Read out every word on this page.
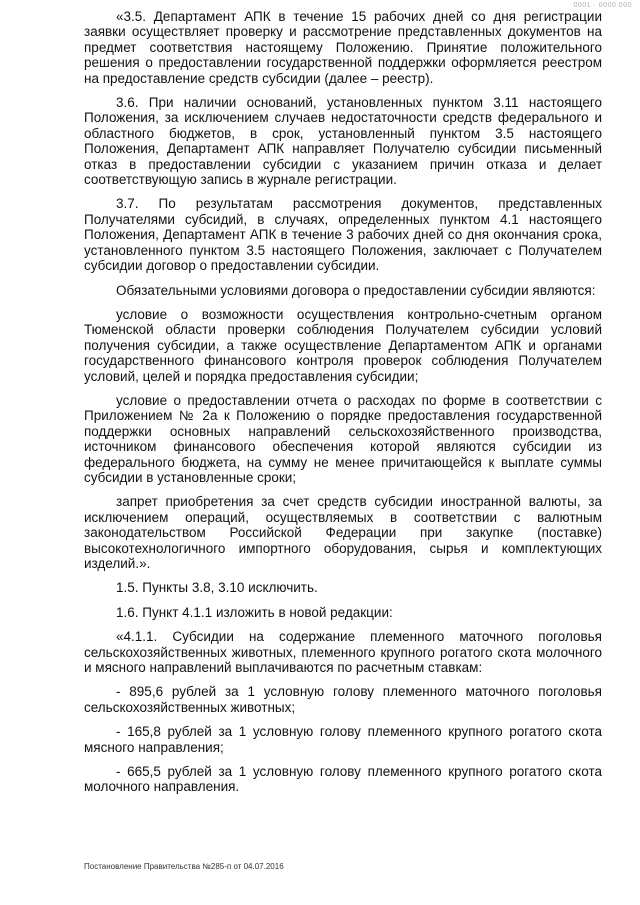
0001 · 0000 000

«3.5. Департамент АПК в течение 15 рабочих дней со дня регистрации заявки осуществляет проверку и рассмотрение представленных документов на предмет соответствия настоящему Положению. Принятие положительного решения о предоставлении государственной поддержки оформляется реестром на предоставление средств субсидии (далее – реестр).

3.6. При наличии оснований, установленных пунктом 3.11 настоящего Положения, за исключением случаев недостаточности средств федерального и областного бюджетов, в срок, установленный пунктом 3.5 настоящего Положения, Департамент АПК направляет Получателю субсидии письменный отказ в предоставлении субсидии с указанием причин отказа и делает соответствующую запись в журнале регистрации.

3.7. По результатам рассмотрения документов, представленных Получателями субсидий, в случаях, определенных пунктом 4.1 настоящего Положения, Департамент АПК в течение 3 рабочих дней со дня окончания срока, установленного пунктом 3.5 настоящего Положения, заключает с Получателем субсидии договор о предоставлении субсидии.

Обязательными условиями договора о предоставлении субсидии являются:

условие о возможности осуществления контрольно-счетным органом Тюменской области проверки соблюдения Получателем субсидии условий получения субсидии, а также осуществление Департаментом АПК и органами государственного финансового контроля проверок соблюдения Получателем условий, целей и порядка предоставления субсидии;

условие о предоставлении отчета о расходах по форме в соответствии с Приложением № 2а к Положению о порядке предоставления государственной поддержки основных направлений сельскохозяйственного производства, источником финансового обеспечения которой являются субсидии из федерального бюджета, на сумму не менее причитающейся к выплате суммы субсидии в установленные сроки;

запрет приобретения за счет средств субсидии иностранной валюты, за исключением операций, осуществляемых в соответствии с валютным законодательством Российской Федерации при закупке (поставке) высокотехнологичного импортного оборудования, сырья и комплектующих изделий.».

1.5. Пункты 3.8, 3.10 исключить.

1.6. Пункт 4.1.1 изложить в новой редакции:

«4.1.1. Субсидии на содержание племенного маточного поголовья сельскохозяйственных животных, племенного крупного рогатого скота молочного и мясного направлений выплачиваются по расчетным ставкам:

- 895,6 рублей за 1 условную голову племенного маточного поголовья сельскохозяйственных животных;

- 165,8 рублей за 1 условную голову племенного крупного рогатого скота мясного направления;

- 665,5 рублей за 1 условную голову племенного крупного рогатого скота молочного направления.

Постановление Правительства №285-п от 04.07.2016
